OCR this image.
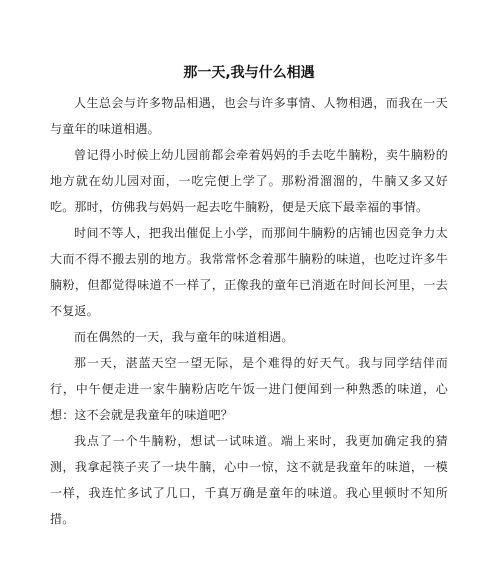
那一天,我与什么相遇

人生总会与许多物品相遇，也会与许多事情、人物相遇，而我在一天与童年的味道相遇。

曾记得小时候上幼儿园前都会牵着妈妈的手去吃牛腩粉，卖牛腩粉的地方就在幼儿园对面，一吃完便上学了。那粉滑溜溜的，牛腩又多又好吃。那时，仿佛我与妈妈一起去吃牛腩粉，便是天底下最幸福的事情。

时间不等人，把我出催促上小学，而那间牛腩粉的店铺也因竞争力太大而不得不搬去别的地方。我常常怀念着那牛腩粉的味道，也吃过许多牛腩粉，但都觉得味道不一样了，正像我的童年已消逝在时间长河里，一去不复返。

而在偶然的一天，我与童年的味道相遇。

那一天，湛蓝天空一望无际，是个难得的好天气。我与同学结伴而行，中午便走进一家牛腩粉店吃午饭一进门便闻到一种熟悉的味道，心想：这不会就是我童年的味道吧？

我点了一个牛腩粉，想试一试味道。端上来时，我更加确定我的猜测，我拿起筷子夹了一块牛腩，心中一惊，这不就是我童年的味道，一模一样，我连忙多试了几口，千真万确是童年的味道。我心里顿时不知所措。
